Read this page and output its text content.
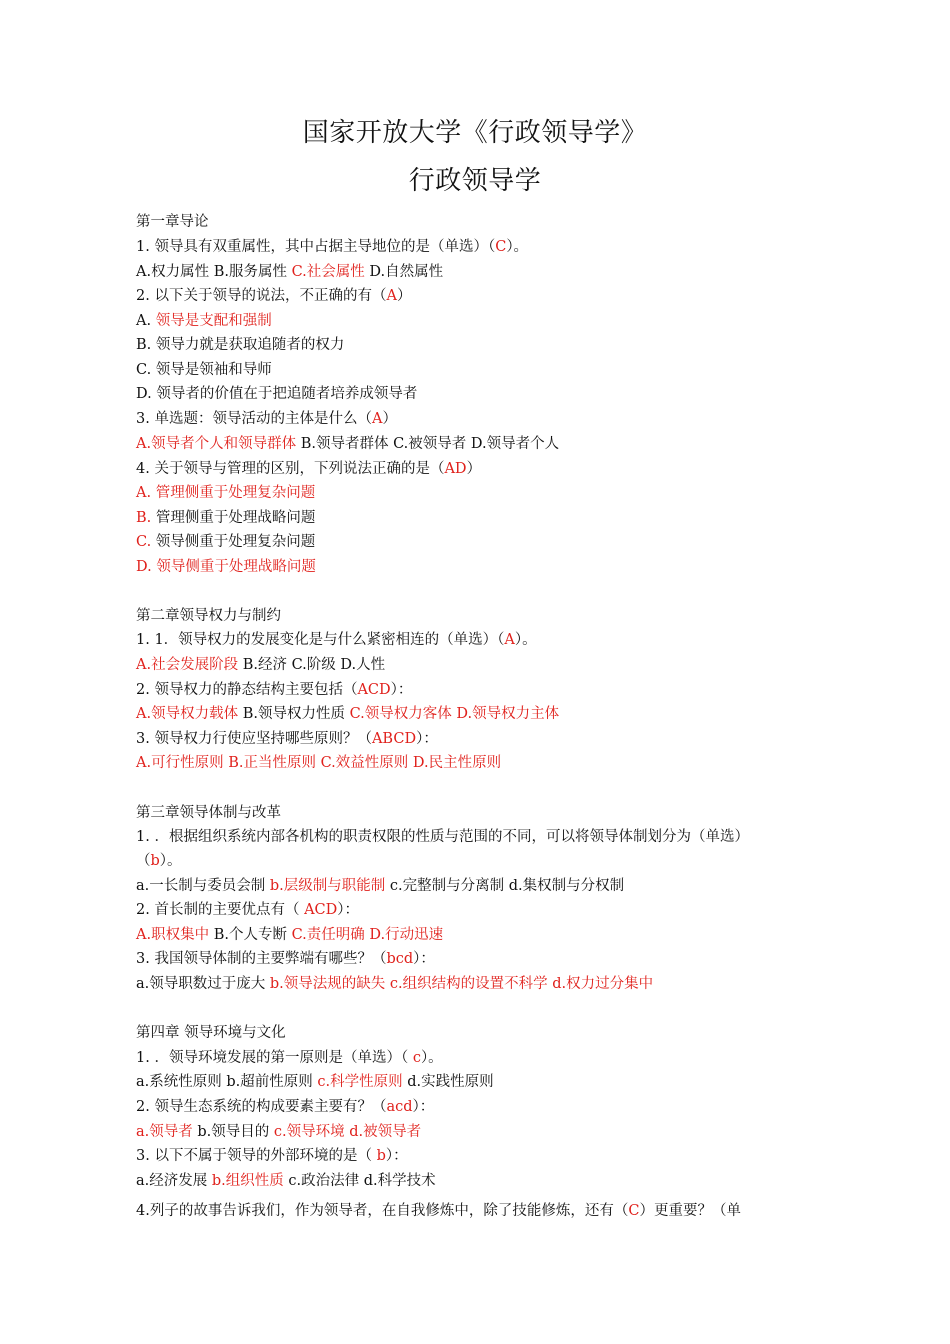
国家开放大学《行政领导学》
行政领导学
第一章导论
1. 领导具有双重属性，其中占据主导地位的是（单选）（C）。
A.权力属性 B.服务属性 C.社会属性 D.自然属性
2. 以下关于领导的说法，不正确的有（A）
A. 领导是支配和强制
B. 领导力就是获取追随者的权力
C. 领导是领袖和导师
D. 领导者的价值在于把追随者培养成领导者
3. 单选题：领导活动的主体是什么（A）
A.领导者个人和领导群体 B.领导者群体 C.被领导者 D.领导者个人
4. 关于领导与管理的区别，下列说法正确的是（AD）
A. 管理侧重于处理复杂问题
B. 管理侧重于处理战略问题
C. 领导侧重于处理复杂问题
D. 领导侧重于处理战略问题
第二章领导权力与制约
1. 1．领导权力的发展变化是与什么紧密相连的（单选）（A）。
A.社会发展阶段 B.经济 C.阶级 D.人性
2. 领导权力的静态结构主要包括（ACD）：
A.领导权力载体 B.领导权力性质 C.领导权力客体 D.领导权力主体
3. 领导权力行使应坚持哪些原则？（ABCD）：
A.可行性原则 B.正当性原则 C.效益性原则 D.民主性原则
第三章领导体制与改革
1. ．根据组织系统内部各机构的职责权限的性质与范围的不同，可以将领导体制划分为（单选）
（b）。
a.一长制与委员会制 b.层级制与职能制 c.完整制与分离制 d.集权制与分权制
2. 首长制的主要优点有（ ACD）：
A.职权集中 B.个人专断 C.责任明确 D.行动迅速
3. 我国领导体制的主要弊端有哪些？（bcd）：
a.领导职数过于庞大 b.领导法规的缺失 c.组织结构的设置不科学 d.权力过分集中
第四章 领导环境与文化
1. ．领导环境发展的第一原则是（单选）（ c）。
a.系统性原则 b.超前性原则 c.科学性原则 d.实践性原则
2. 领导生态系统的构成要素主要有？（acd）：
a.领导者 b.领导目的 c.领导环境 d.被领导者
3. 以下不属于领导的外部环境的是（ b）：
a.经济发展 b.组织性质 c.政治法律 d.科学技术
4.列子的故事告诉我们，作为领导者，在自我修炼中，除了技能修炼，还有（C）更重要？（单
